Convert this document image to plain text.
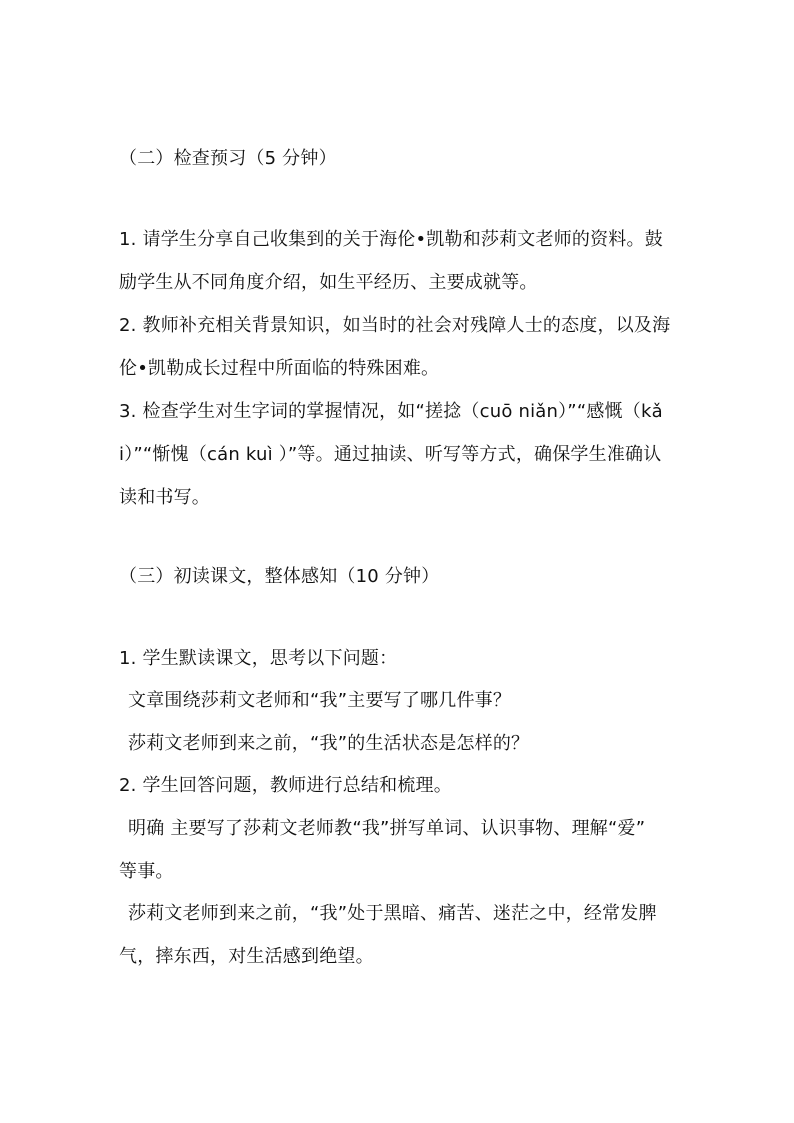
（二）检查预习（5 分钟）
1. 请学生分享自己收集到的关于海伦•凯勒和莎莉文老师的资料。鼓
励学生从不同角度介绍，如生平经历、主要成就等。
2. 教师补充相关背景知识，如当时的社会对残障人士的态度，以及海
伦•凯勒成长过程中所面临的特殊困难。
3. 检查学生对生字词的掌握情况，如“搓捻（cuō niǎn）”“感慨（kǎ
i）”“惭愧（cán kuì ）”等。通过抽读、听写等方式，确保学生准确认
读和书写。
（三）初读课文，整体感知（10 分钟）
1. 学生默读课文，思考以下问题：
文章围绕莎莉文老师和“我”主要写了哪几件事？
莎莉文老师到来之前，“我”的生活状态是怎样的？
2. 学生回答问题，教师进行总结和梳理。
明确 主要写了莎莉文老师教“我”拼写单词、认识事物、理解“爱”
等事。
莎莉文老师到来之前，“我”处于黑暗、痛苦、迷茫之中，经常发脾
气，摔东西，对生活感到绝望。
